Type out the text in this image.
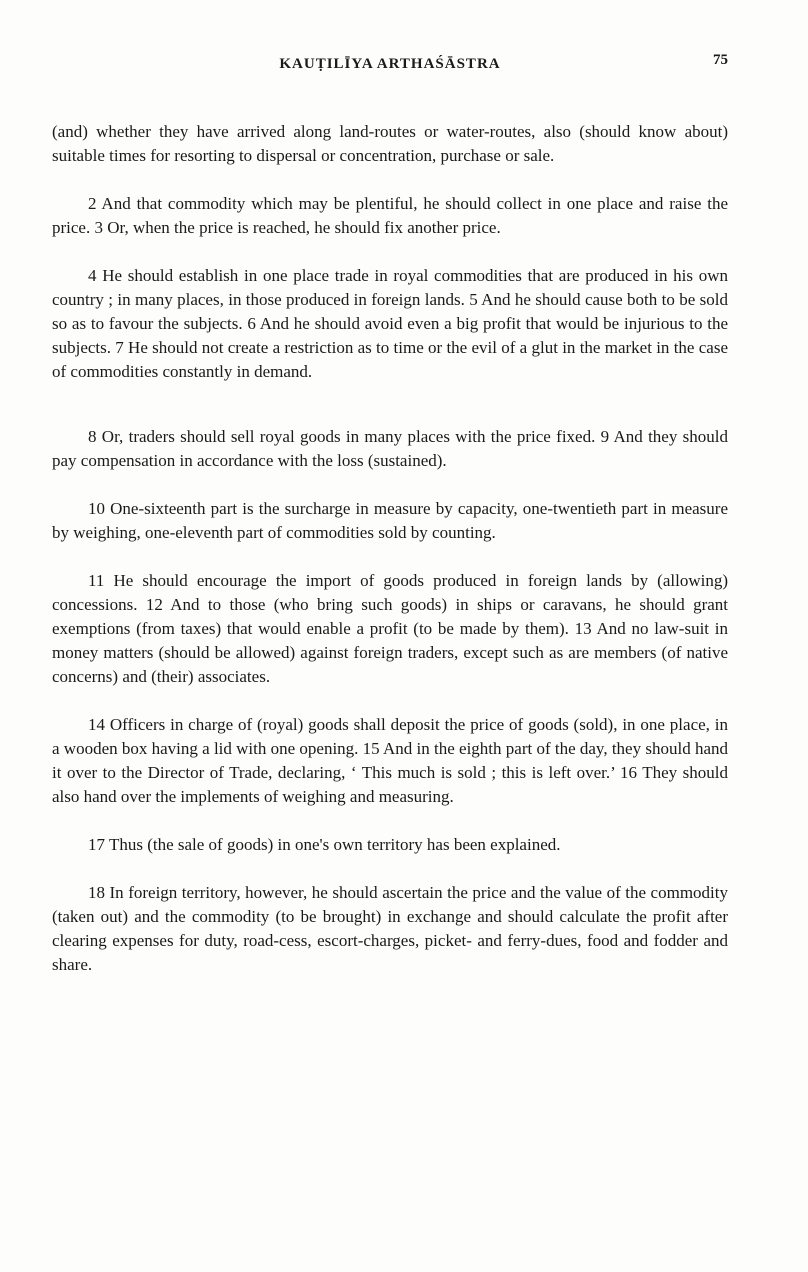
KAUṬILĪYA ARTHAŚĀSTRA	75

(and) whether they have arrived along land-routes or water-routes, also (should know about) suitable times for resorting to dispersal or concentration, purchase or sale.

2 And that commodity which may be plentiful, he should collect in one place and raise the price. 3 Or, when the price is reached, he should fix another price.

4 He should establish in one place trade in royal commodities that are produced in his own country ; in many places, in those produced in foreign lands. 5 And he should cause both to be sold so as to favour the subjects. 6 And he should avoid even a big profit that would be injurious to the subjects. 7 He should not create a restriction as to time or the evil of a glut in the market in the case of commodities constantly in demand.

8 Or, traders should sell royal goods in many places with the price fixed. 9 And they should pay compensation in accordance with the loss (sustained).

10 One-sixteenth part is the surcharge in measure by capacity, one-twentieth part in measure by weighing, one-eleventh part of commodities sold by counting.

11 He should encourage the import of goods produced in foreign lands by (allowing) concessions. 12 And to those (who bring such goods) in ships or caravans, he should grant exemptions (from taxes) that would enable a profit (to be made by them). 13 And no law-suit in money matters (should be allowed) against foreign traders, except such as are members (of native concerns) and (their) associates.

14 Officers in charge of (royal) goods shall deposit the price of goods (sold), in one place, in a wooden box having a lid with one opening. 15 And in the eighth part of the day, they should hand it over to the Director of Trade, declaring, ‘ This much is sold ; this is left over.’ 16 They should also hand over the implements of weighing and measuring.

17 Thus (the sale of goods) in one's own territory has been explained.

18 In foreign territory, however, he should ascertain the price and the value of the commodity (taken out) and the commodity (to be brought) in exchange and should calculate the profit after clearing expenses for duty, road-cess, escort-charges, picket- and ferry-dues, food and fodder and share.
